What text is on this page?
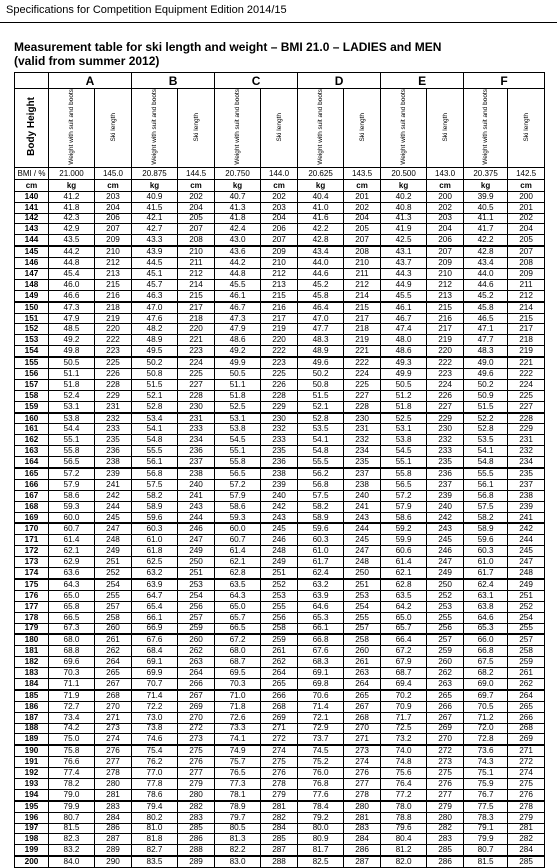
Specifications for Competition Equipment Edition 2014/15
Measurement table for ski length and weight – BMI 21.0 – LADIES and MEN
(valid from summer 2012)
	A		B		C		D		E		F	
Body Height	Weight with suit and boots	Ski length	Weight with suit and boots	Ski length	Weight with suit and boots	Ski length	Weight with suit and boots	Ski length	Weight with suit and boots	Ski length	Weight with suit and boots	Ski length
BMI / %	21.000	145.0	20.875	144.5	20.750	144.0	20.625	143.5	20.500	143.0	20.375	142.5
cm	kg	cm	kg	cm	kg	cm	kg	cm	kg	cm	kg	cm
140	41.2	203	40.9	202	40.7	202	40.4	201	40.2	200	39.9	200
141	41.8	204	41.5	204	41.3	203	41.0	202	40.8	202	40.5	201
142	42.3	206	42.1	205	41.8	204	41.6	204	41.3	203	41.1	202
143	42.9	207	42.7	207	42.4	206	42.2	205	41.9	204	41.7	204
144	43.5	209	43.3	208	43.0	207	42.8	207	42.5	206	42.2	205
145	44.2	210	43.9	210	43.6	209	43.4	208	43.1	207	42.8	207
146	44.8	212	44.5	211	44.2	210	44.0	210	43.7	209	43.4	208
147	45.4	213	45.1	212	44.8	212	44.6	211	44.3	210	44.0	209
148	46.0	215	45.7	214	45.5	213	45.2	212	44.9	212	44.6	211
149	46.6	216	46.3	215	46.1	215	45.8	214	45.5	213	45.2	212
150	47.3	218	47.0	217	46.7	216	46.4	215	46.1	215	45.8	214
151	47.9	219	47.6	218	47.3	217	47.0	217	46.7	216	46.5	215
152	48.5	220	48.2	220	47.9	219	47.7	218	47.4	217	47.1	217
153	49.2	222	48.9	221	48.6	220	48.3	219	48.0	219	47.7	218
154	49.8	223	49.5	223	49.2	222	48.9	221	48.6	220	48.3	219
155	50.5	225	50.2	224	49.9	223	49.6	222	49.3	222	49.0	221
156	51.1	226	50.8	225	50.5	225	50.2	224	49.9	223	49.6	222
157	51.8	228	51.5	227	51.1	226	50.8	225	50.5	224	50.2	224
158	52.4	229	52.1	228	51.8	228	51.5	227	51.2	226	50.9	225
159	53.1	231	52.8	230	52.5	229	52.1	228	51.8	227	51.5	227
160	53.8	232	53.4	231	53.1	230	52.8	230	52.5	229	52.2	228
161	54.4	233	54.1	233	53.8	232	53.5	231	53.1	230	52.8	229
162	55.1	235	54.8	234	54.5	233	54.1	232	53.8	232	53.5	231
163	55.8	236	55.5	236	55.1	235	54.8	234	54.5	233	54.1	232
164	56.5	238	56.1	237	55.8	236	55.5	235	55.1	235	54.8	234
165	57.2	239	56.8	238	56.5	238	56.2	237	55.8	236	55.5	235
166	57.9	241	57.5	240	57.2	239	56.8	238	56.5	237	56.1	237
167	58.6	242	58.2	241	57.9	240	57.5	240	57.2	239	56.8	238
168	59.3	244	58.9	243	58.6	242	58.2	241	57.9	240	57.5	239
169	60.0	245	59.6	244	59.3	243	58.9	243	58.6	242	58.2	241
170	60.7	247	60.3	246	60.0	245	59.6	244	59.2	243	58.9	242
171	61.4	248	61.0	247	60.7	246	60.3	245	59.9	245	59.6	244
172	62.1	249	61.8	249	61.4	248	61.0	247	60.6	246	60.3	245
173	62.9	251	62.5	250	62.1	249	61.7	248	61.4	247	61.0	247
174	63.6	252	63.2	251	62.8	251	62.4	250	62.1	249	61.7	248
175	64.3	254	63.9	253	63.5	252	63.2	251	62.8	250	62.4	249
176	65.0	255	64.7	254	64.3	253	63.9	253	63.5	252	63.1	251
177	65.8	257	65.4	256	65.0	255	64.6	254	64.2	253	63.8	252
178	66.5	258	66.1	257	65.7	256	65.3	255	65.0	255	64.6	254
179	67.3	260	66.9	259	66.5	258	66.1	257	65.7	256	65.3	255
180	68.0	261	67.6	260	67.2	259	66.8	258	66.4	257	66.0	257
181	68.8	262	68.4	262	68.0	261	67.6	260	67.2	259	66.8	258
182	69.6	264	69.1	263	68.7	262	68.3	261	67.9	260	67.5	259
183	70.3	265	69.9	264	69.5	264	69.1	263	68.7	262	68.2	261
184	71.1	267	70.7	266	70.3	265	69.8	264	69.4	263	69.0	262
185	71.9	268	71.4	267	71.0	266	70.6	265	70.2	265	69.7	264
186	72.7	270	72.2	269	71.8	268	71.4	267	70.9	266	70.5	265
187	73.4	271	73.0	270	72.6	269	72.1	268	71.7	267	71.2	266
188	74.2	273	73.8	272	73.3	271	72.9	270	72.5	269	72.0	268
189	75.0	274	74.6	273	74.1	272	73.7	271	73.2	270	72.8	269
190	75.8	276	75.4	275	74.9	274	74.5	273	74.0	272	73.6	271
191	76.6	277	76.2	276	75.7	275	75.2	274	74.8	273	74.3	272
192	77.4	278	77.0	277	76.5	276	76.0	276	75.6	275	75.1	274
193	78.2	280	77.8	279	77.3	278	76.8	277	76.4	276	75.9	275
194	79.0	281	78.6	280	78.1	279	77.6	278	77.2	277	76.7	276
195	79.9	283	79.4	282	78.9	281	78.4	280	78.0	279	77.5	278
196	80.7	284	80.2	283	79.7	282	79.2	281	78.8	280	78.3	279
197	81.5	286	81.0	285	80.5	284	80.0	283	79.6	282	79.1	281
198	82.3	287	81.8	286	81.3	285	80.9	284	80.4	283	79.9	282
199	83.2	289	82.7	288	82.2	287	81.7	286	81.2	285	80.7	284
200	84.0	290	83.5	289	83.0	288	82.5	287	82.0	286	81.5	285
